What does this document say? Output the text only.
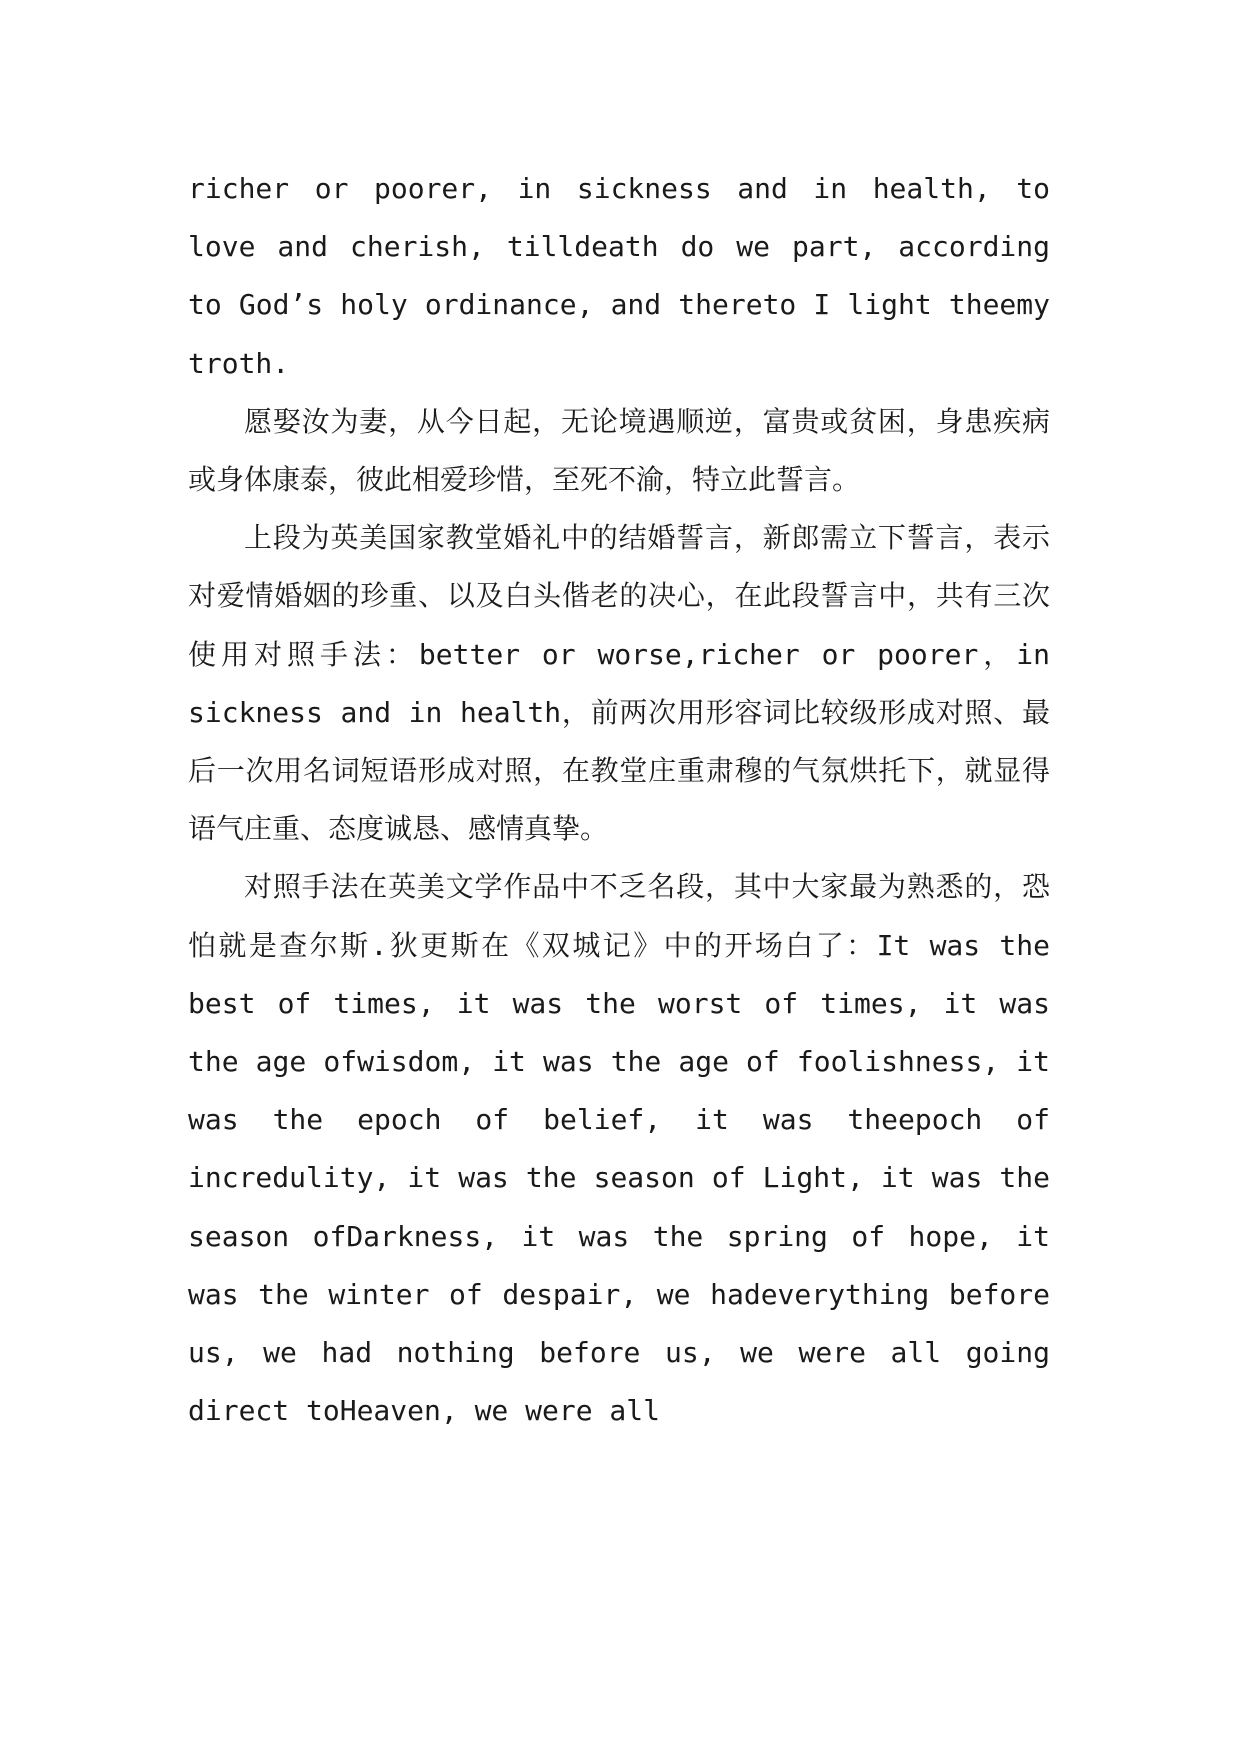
richer or poorer, in sickness and in health, to love and cherish, tilldeath do we part, according to God’s holy ordinance, and thereto I light theemy troth.

愿娶汝为妻，从今日起，无论境遇顺逆，富贵或贫困，身患疾病或身体康泰，彼此相爱珍惜，至死不渝，特立此誓言。

上段为英美国家教堂婚礼中的结婚誓言，新郎需立下誓言，表示对爱情婚姻的珍重、以及白头偕老的决心，在此段誓言中，共有三次使用对照手法：better or worse,richer or poorer，in sickness and in health，前两次用形容词比较级形成对照、最后一次用名词短语形成对照，在教堂庄重肃穆的气氛烘托下，就显得语气庄重、态度诚恳、感情真挚。

对照手法在英美文学作品中不乏名段，其中大家最为熟悉的，恐怕就是查尔斯.狄更斯在《双城记》中的开场白了：It was the best of times, it was the worst of times, it was the age ofwisdom, it was the age of foolishness, it was the epoch of belief, it was theepoch of incredulity, it was the season of Light, it was the season ofDarkness, it was the spring of hope, it was the winter of despair, we hadeverything before us, we had nothing before us, we were all going direct toHeaven, we were all
